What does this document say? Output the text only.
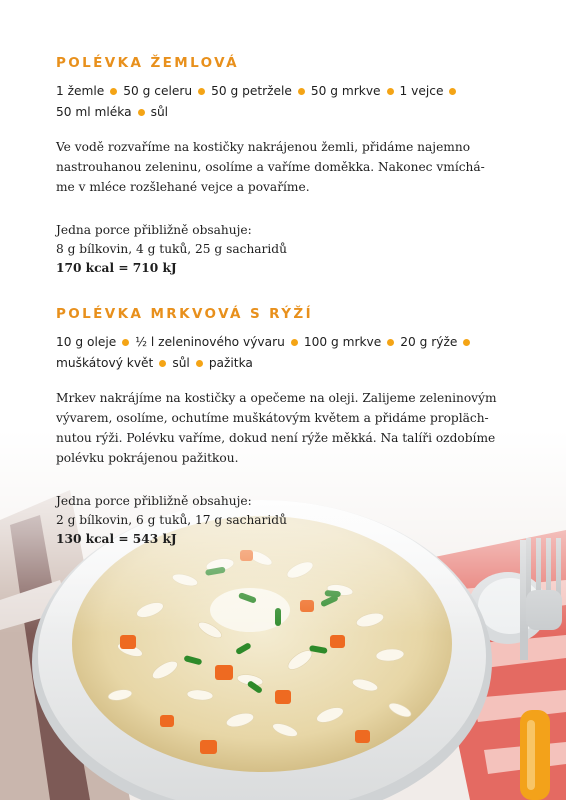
POLÉVKA ŽEMLOVÁ
1 žemle 50 g celeru 50 g petržele 50 g mrkve 1 vejce
50 ml mléka sůl
Ve vodě rozvaříme na kostičky nakrájenou žemli, přidáme najemno
nastrouhanou zeleninu, osolíme a vaříme doměkka. Nakonec vmíchá-
me v mléce rozšlehané vejce a povaříme.
Jedna porce přibližně obsahuje:
8 g bílkovin, 4 g tuků, 25 g sacharidů
170 kcal = 710 kJ
POLÉVKA MRKVOVÁ S RÝŽÍ
10 g oleje ½ l zeleninového vývaru 100 g mrkve 20 g rýže
muškátový květ sůl pažitka
Mrkev nakrájíme na kostičky a opečeme na oleji. Zalijeme zeleninovým
vývarem, osolíme, ochutíme muškátovým květem a přidáme propläch-
nutou rýži. Polévku vaříme, dokud není rýže měkká. Na talíři ozdobíme
polévku pokrájenou pažitkou.
Jedna porce přibližně obsahuje:
2 g bílkovin, 6 g tuků, 17 g sacharidů
130 kcal = 543 kJ
